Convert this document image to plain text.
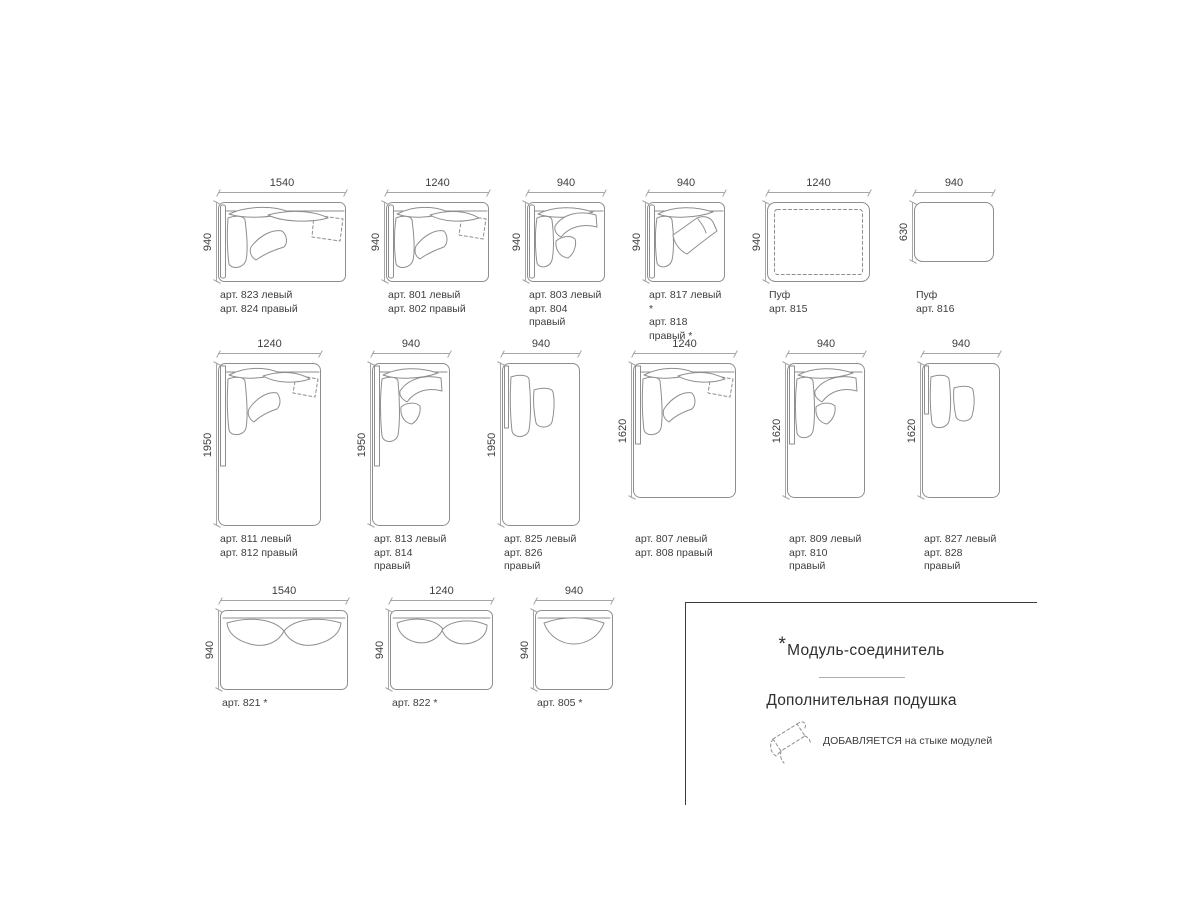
1540
940
арт. 823 левый
арт. 824 правый
1240
940
арт. 801 левый
арт. 802 правый
940
940
арт. 803 левый
арт. 804 правый
940
940
арт. 817 левый *
арт. 818 правый *
1240
940
Пуф
арт. 815
940
630
Пуф
арт. 816
1240
1950
арт. 811 левый
арт. 812 правый
940
1950
арт. 813 левый
арт. 814 правый
940
1950
арт. 825 левый
арт. 826 правый
1240
1620
арт. 807 левый
арт. 808 правый
940
1620
арт. 809 левый
арт. 810 правый
940
1620
арт. 827 левый
арт. 828 правый
1540
940
арт. 821 *
1240
940
арт. 822 *
940
940
арт. 805 *
*Модуль-соединитель
Дополнительная подушка
ДОБАВЛЯЕТСЯ на стыке модулей
